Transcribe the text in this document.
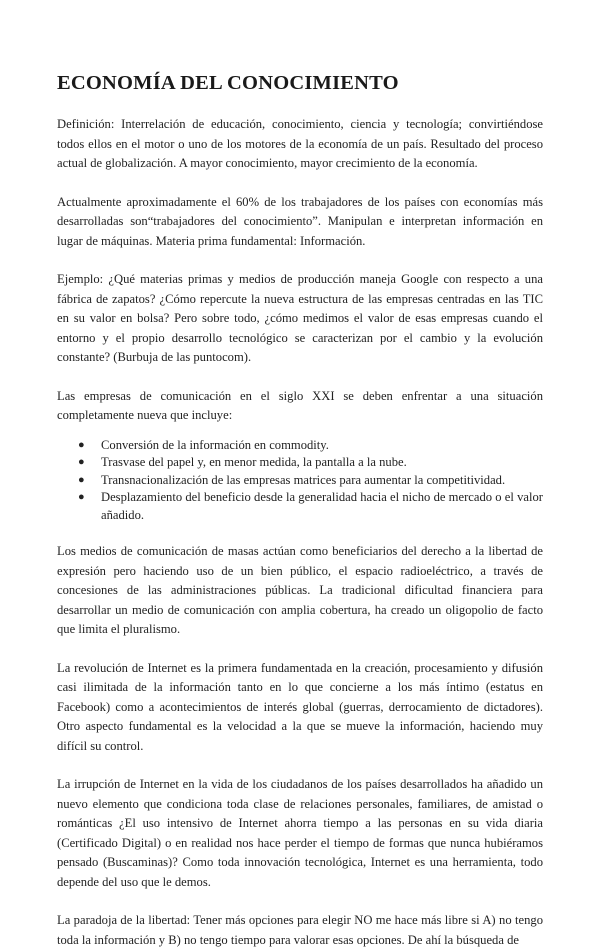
ECONOMÍA DEL CONOCIMIENTO

Definición: Interrelación de educación, conocimiento, ciencia y tecnología; convirtiéndose todos ellos en el motor o uno de los motores de la economía de un país. Resultado del proceso actual de globalización. A mayor conocimiento, mayor crecimiento de la economía.

Actualmente aproximadamente el 60% de los trabajadores de los países con economías más desarrolladas son“trabajadores del conocimiento”. Manipulan e interpretan información en lugar de máquinas. Materia prima fundamental: Información.

Ejemplo: ¿Qué materias primas y medios de producción maneja Google con respecto a una fábrica de zapatos? ¿Cómo repercute la nueva estructura de las empresas centradas en las TIC en su valor en bolsa? Pero sobre todo, ¿cómo medimos el valor de esas empresas cuando el entorno y el propio desarrollo tecnológico se caracterizan por el cambio y la evolución constante? (Burbuja de las puntocom).

Las empresas de comunicación en el siglo XXI se deben enfrentar a una situación completamente nueva que incluye:

● Conversión de la información en commodity.
● Trasvase del papel y, en menor medida, la pantalla a la nube.
● Transnacionalización de las empresas matrices para aumentar la competitividad.
● Desplazamiento del beneficio desde la generalidad hacia el nicho de mercado o el valor añadido.

Los medios de comunicación de masas actúan como beneficiarios del derecho a la libertad de expresión pero haciendo uso de un bien público, el espacio radioeléctrico, a través de concesiones de las administraciones públicas. La tradicional dificultad financiera para desarrollar un medio de comunicación con amplia cobertura, ha creado un oligopolio de facto que limita el pluralismo.

La revolución de Internet es la primera fundamentada en la creación, procesamiento y difusión casi ilimitada de la información tanto en lo que concierne a los más íntimo (estatus en Facebook) como a acontecimientos de interés global (guerras, derrocamiento de dictadores). Otro aspecto fundamental es la velocidad a la que se mueve la información, haciendo muy difícil su control.

La irrupción de Internet en la vida de los ciudadanos de los países desarrollados ha añadido un nuevo elemento que condiciona toda clase de relaciones personales, familiares, de amistad o románticas ¿El uso intensivo de Internet ahorra tiempo a las personas en su vida diaria (Certificado Digital) o en realidad nos hace perder el tiempo de formas que nunca hubiéramos pensado (Buscaminas)? Como toda innovación tecnológica, Internet es una herramienta, todo depende del uso que le demos.

La paradoja de la libertad: Tener más opciones para elegir NO me hace más libre si A) no tengo toda la información y B) no tengo tiempo para valorar esas opciones. De ahí la búsqueda de
